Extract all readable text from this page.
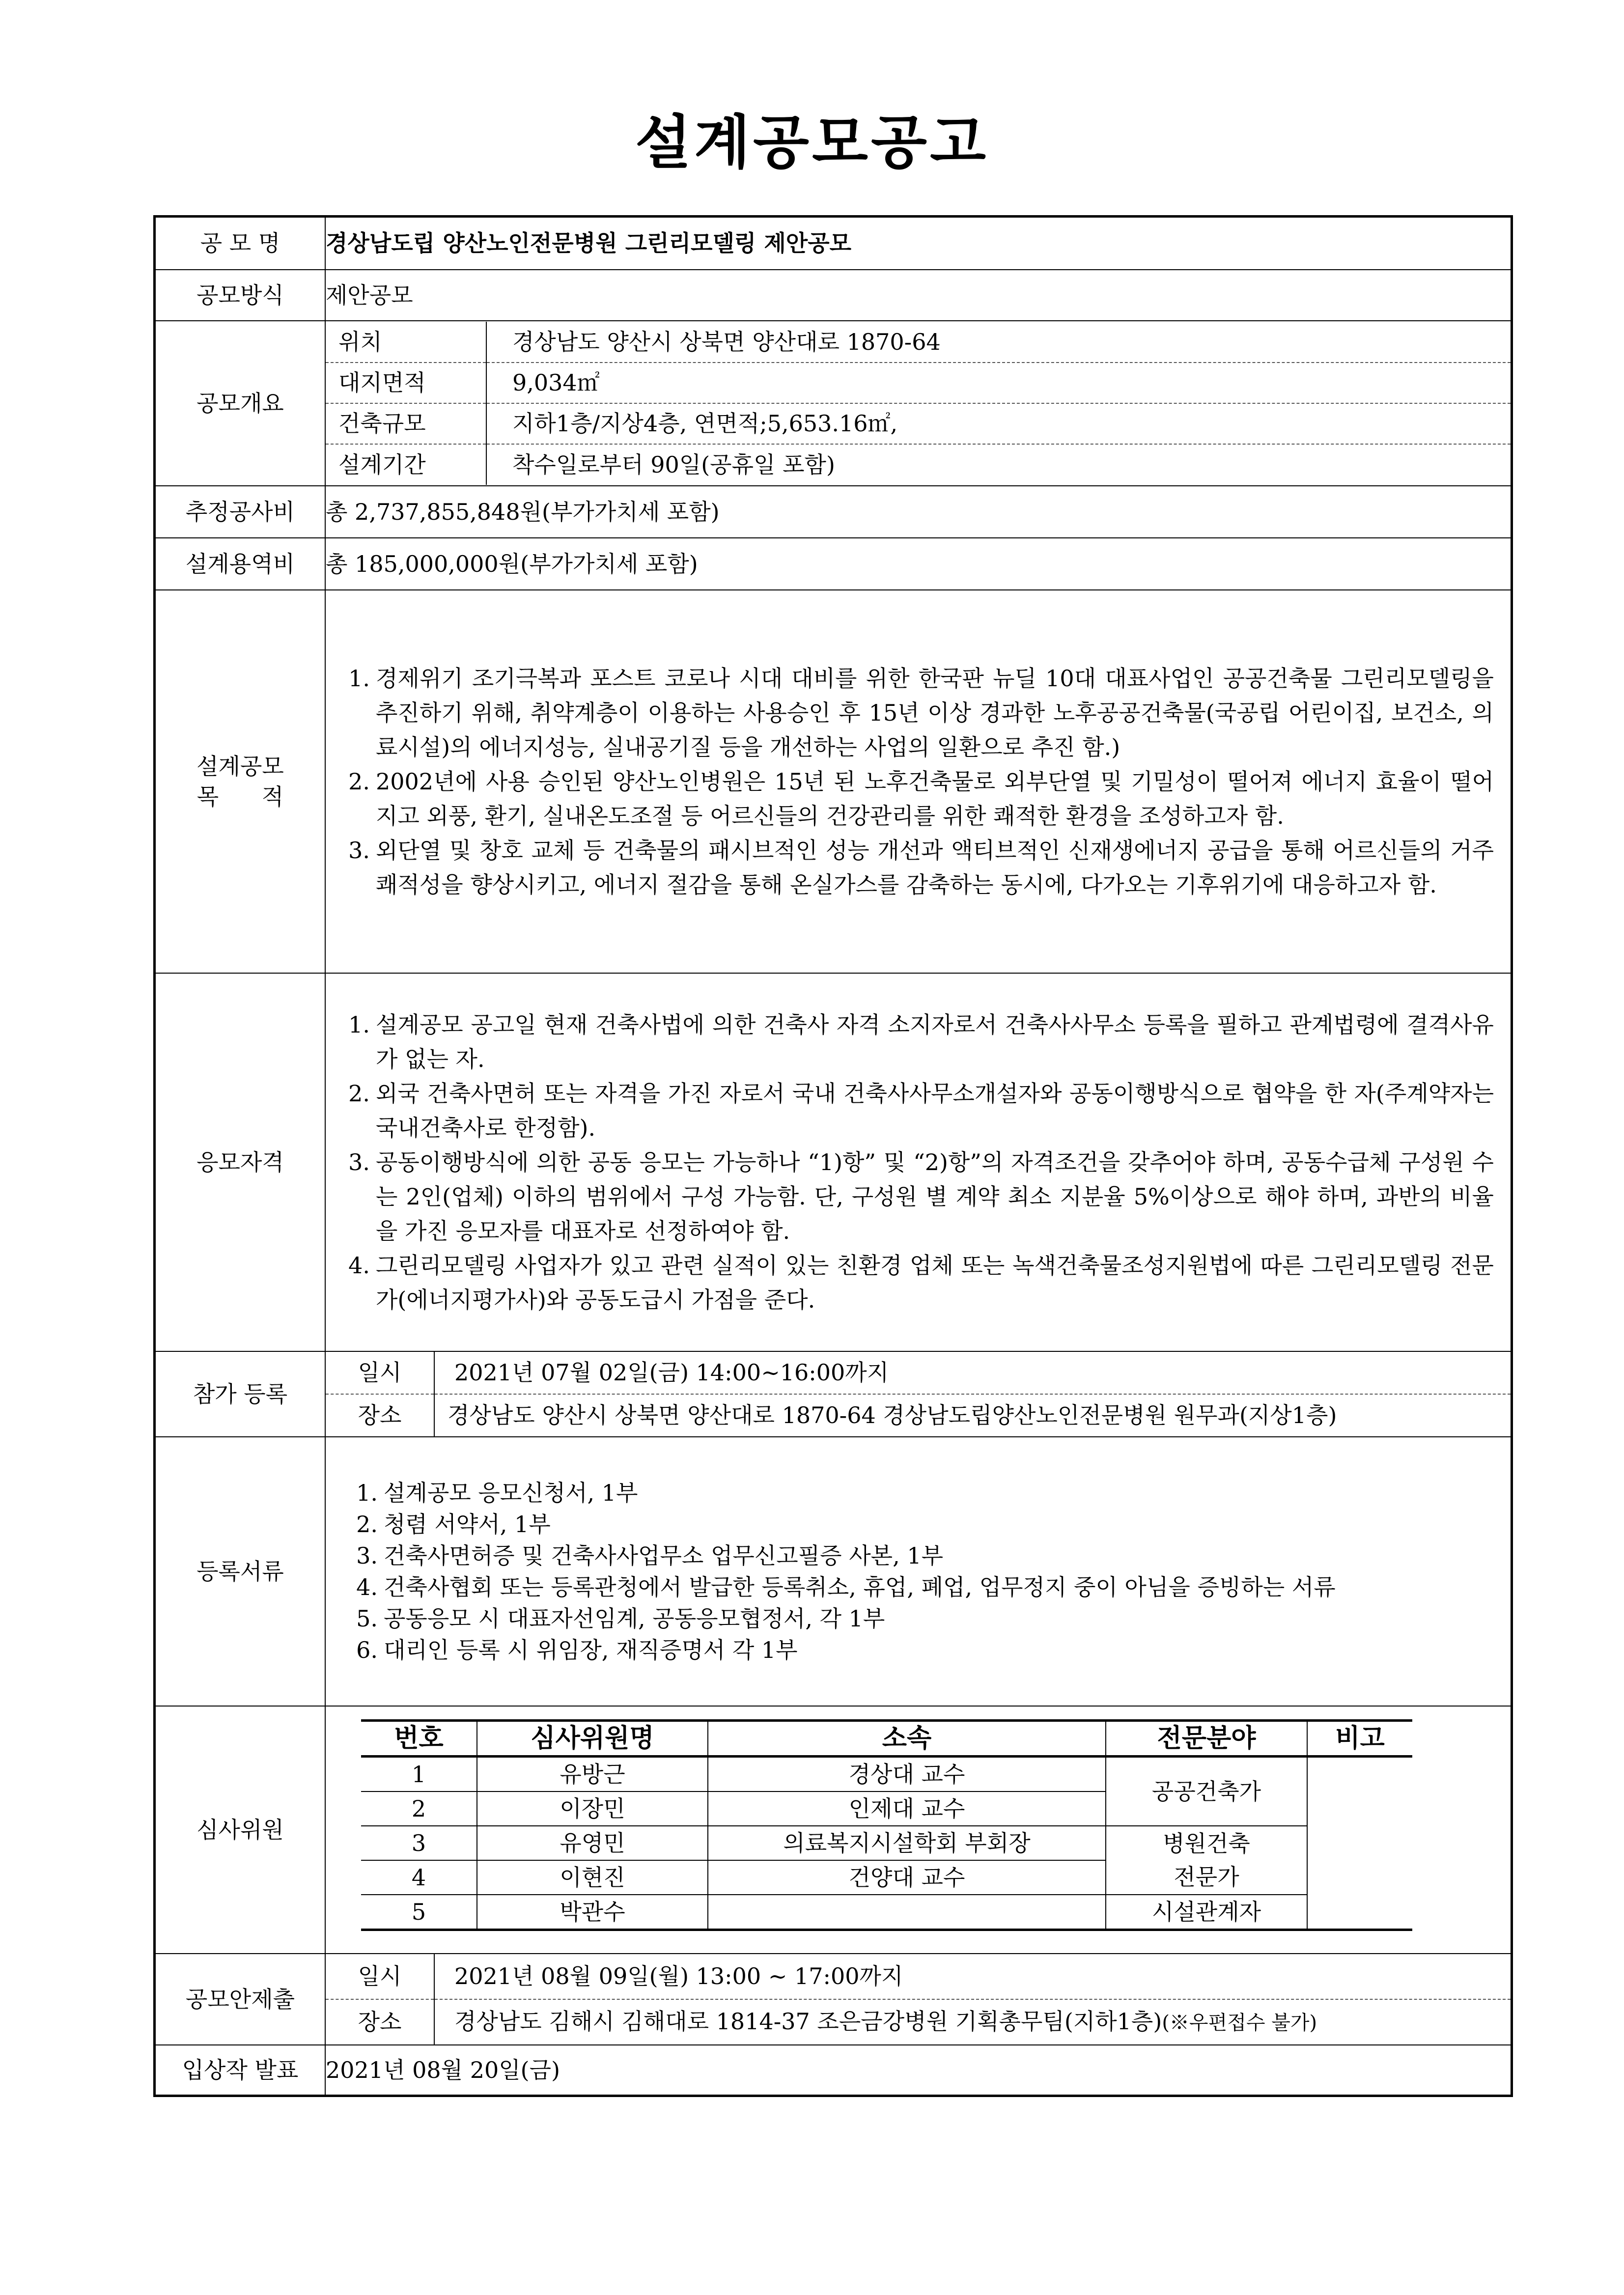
설계공모공고
공 모 명	경상남도립 양산노인전문병원 그린리모델링 제안공모
공모방식	제안공모
공모개요	
위치	경상남도 양산시 상북면 양산대로 1870-64
대지면적	9,034㎡
건축규모	지하1층/지상4층, 연면적;5,653.16㎡,
설계기간	착수일로부터 90일(공휴일 포함)

추정공사비	총 2,737,855,848원(부가가치세 포함)
설계용역비	총 185,000,000원(부가가치세 포함)

설계공모
목      적

1. 경제위기 조기극복과 포스트 코로나 시대 대비를 위한 한국판 뉴딜 10대 대표사업인 공공건축물 그린리모델링을 추진하기 위해, 취약계층이 이용하는 사용승인 후 15년 이상 경과한 노후공공건축물(국공립 어린이집, 보건소, 의료시설)의 에너지성능, 실내공기질 등을 개선하는 사업의 일환으로 추진 함.)
2. 2002년에 사용 승인된 양산노인병원은 15년 된 노후건축물로 외부단열 및 기밀성이 떨어져 에너지 효율이 떨어지고 외풍, 환기, 실내온도조절 등 어르신들의 건강관리를 위한 쾌적한 환경을 조성하고자 함.
3. 외단열 및 창호 교체 등 건축물의 패시브적인 성능 개선과 액티브적인 신재생에너지 공급을 통해 어르신들의 거주 쾌적성을 향상시키고, 에너지 절감을 통해 온실가스를 감축하는 동시에, 다가오는 기후위기에 대응하고자 함.

응모자격	
1. 설계공모 공고일 현재 건축사법에 의한 건축사 자격 소지자로서 건축사사무소 등록을 필하고 관계법령에 결격사유가 없는 자.
2. 외국 건축사면허 또는 자격을 가진 자로서 국내 건축사사무소개설자와 공동이행방식으로 협약을 한 자(주계약자는 국내건축사로 한정함).
3. 공동이행방식에 의한 공동 응모는 가능하나 “1)항” 및 “2)항”의 자격조건을 갖추어야 하며, 공동수급체 구성원 수는 2인(업체) 이하의 범위에서 구성 가능함. 단, 구성원 별 계약 최소 지분율 5%이상으로 해야 하며, 과반의 비율을 가진 응모자를 대표자로 선정하여야 함.
4. 그린리모델링 사업자가 있고 관련 실적이 있는 친환경 업체 또는 녹색건축물조성지원법에 따른 그린리모델링 전문가(에너지평가사)와 공동도급시 가점을 준다.

참가 등록	
일시	2021년 07월 02일(금) 14:00∼16:00까지
장소	경상남도 양산시 상북면 양산대로 1870-64 경상남도립양산노인전문병원 원무과(지상1층)

등록서류	
1. 설계공모 응모신청서, 1부
2. 청렴 서약서, 1부
3. 건축사면허증 및 건축사사업무소 업무신고필증 사본, 1부
4. 건축사협회 또는 등록관청에서 발급한 등록취소, 휴업, 폐업, 업무정지 중이 아님을 증빙하는 서류
5. 공동응모 시 대표자선임계, 공동응모협정서, 각 1부
6. 대리인 등록 시 위임장, 재직증명서 각 1부

심사위원	
번호	심사위원명	소속	전문분야	비고
1	유방근	경상대 교수	공공건축가	
2	이장민	인제대 교수
3	유영민	의료복지시설학회 부회장	병원건축
전문가

4	이현진	건양대 교수
5	박관수		시설관계자

공모안제출	
일시	2021년 08월 09일(월) 13:00 ∼ 17:00까지
장소	경상남도 김해시 김해대로 1814-37 조은금강병원 기획총무팀(지하1층)(※우편접수 불가)

입상작 발표	2021년 08월 20일(금)
